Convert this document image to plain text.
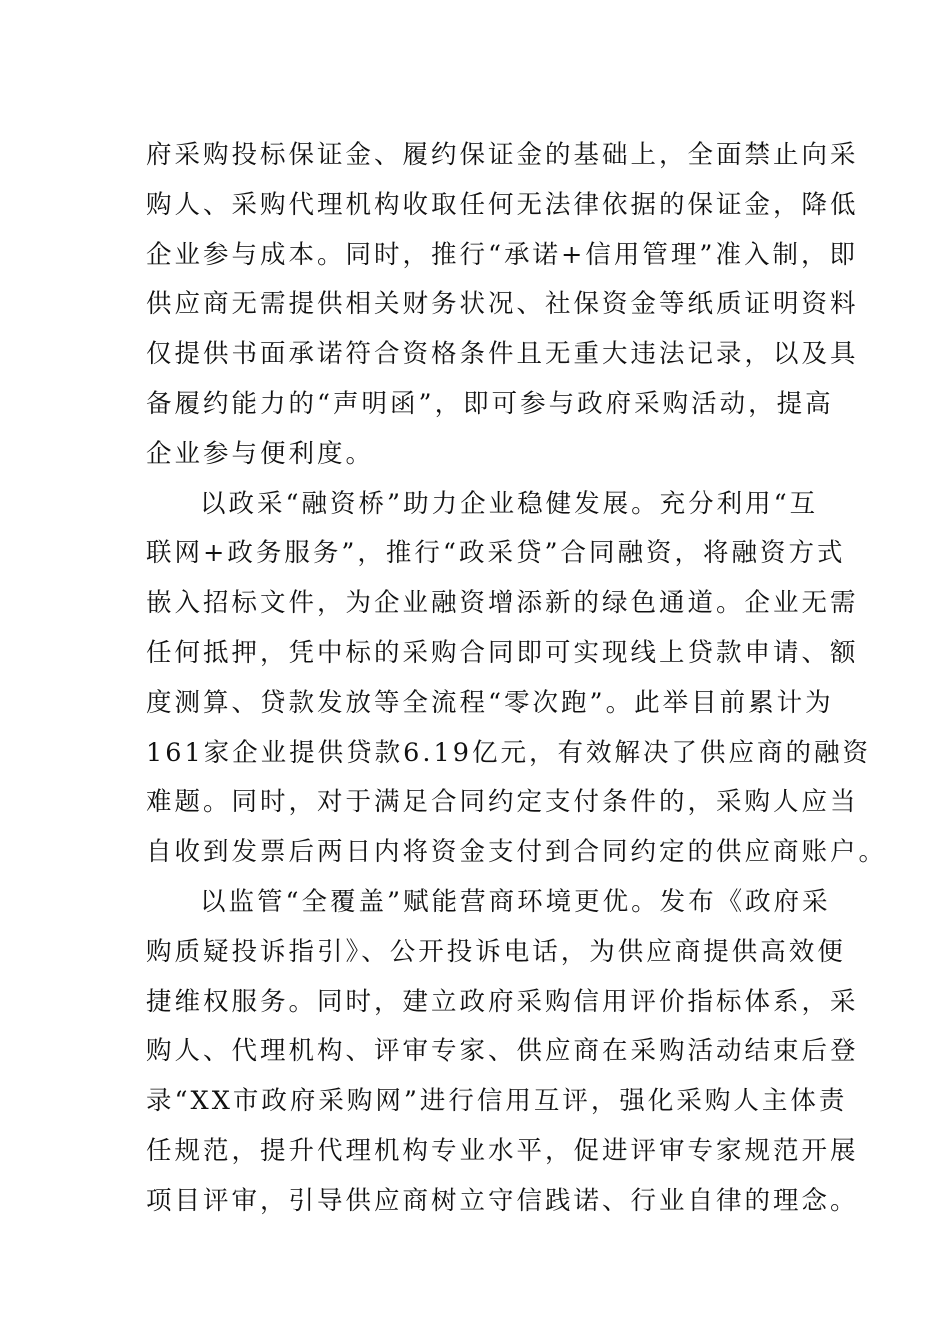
府采购投标保证金、履约保证金的基础上，全面禁止向采
购人、采购代理机构收取任何无法律依据的保证金，降低
企业参与成本。同时，推行“承诺+信用管理”准入制，即
供应商无需提供相关财务状况、社保资金等纸质证明资料
仅提供书面承诺符合资格条件且无重大违法记录，以及具
备履约能力的“声明函”，即可参与政府采购活动，提高
企业参与便利度。
以政采“融资桥”助力企业稳健发展。充分利用“互
联网+政务服务”，推行“政采贷”合同融资，将融资方式
嵌入招标文件，为企业融资增添新的绿色通道。企业无需
任何抵押，凭中标的采购合同即可实现线上贷款申请、额
度测算、贷款发放等全流程“零次跑”。此举目前累计为
161家企业提供贷款6.19亿元，有效解决了供应商的融资
难题。同时，对于满足合同约定支付条件的，采购人应当
自收到发票后两日内将资金支付到合同约定的供应商账户。
以监管“全覆盖”赋能营商环境更优。发布《政府采
购质疑投诉指引》、公开投诉电话，为供应商提供高效便
捷维权服务。同时，建立政府采购信用评价指标体系，采
购人、代理机构、评审专家、供应商在采购活动结束后登
录“XX市政府采购网”进行信用互评，强化采购人主体责
任规范，提升代理机构专业水平，促进评审专家规范开展
项目评审，引导供应商树立守信践诺、行业自律的理念。
